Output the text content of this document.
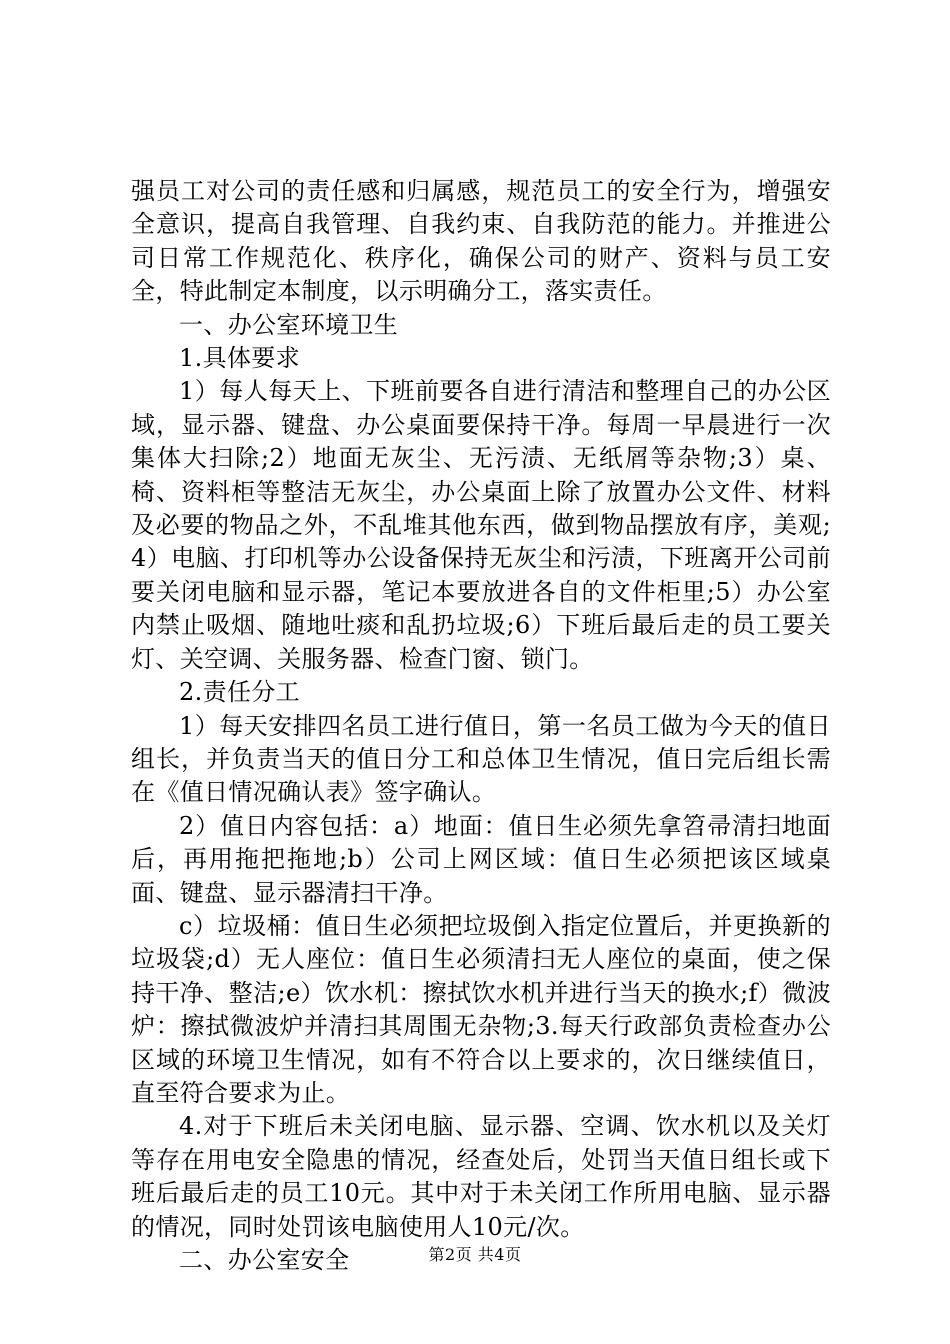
强员工对公司的责任感和归属感，规范员工的安全行为，增强安全意识，提高自我管理、自我约束、自我防范的能力。并推进公司日常工作规范化、秩序化，确保公司的财产、资料与员工安全，特此制定本制度，以示明确分工，落实责任。

一、办公室环境卫生

1.具体要求

1）每人每天上、下班前要各自进行清洁和整理自己的办公区域，显示器、键盘、办公桌面要保持干净。每周一早晨进行一次集体大扫除;2）地面无灰尘、无污渍、无纸屑等杂物;3）桌、椅、资料柜等整洁无灰尘，办公桌面上除了放置办公文件、材料及必要的物品之外，不乱堆其他东西，做到物品摆放有序，美观;4）电脑、打印机等办公设备保持无灰尘和污渍，下班离开公司前要关闭电脑和显示器，笔记本要放进各自的文件柜里;5）办公室内禁止吸烟、随地吐痰和乱扔垃圾;6）下班后最后走的员工要关灯、关空调、关服务器、检查门窗、锁门。

2.责任分工

1）每天安排四名员工进行值日，第一名员工做为今天的值日组长，并负责当天的值日分工和总体卫生情况，值日完后组长需在《值日情况确认表》签字确认。

2）值日内容包括：a）地面：值日生必须先拿笤帚清扫地面后，再用拖把拖地;b）公司上网区域：值日生必须把该区域桌面、键盘、显示器清扫干净。

c）垃圾桶：值日生必须把垃圾倒入指定位置后，并更换新的垃圾袋;d）无人座位：值日生必须清扫无人座位的桌面，使之保持干净、整洁;e）饮水机：擦拭饮水机并进行当天的换水;f）微波炉：擦拭微波炉并清扫其周围无杂物;3.每天行政部负责检查办公区域的环境卫生情况，如有不符合以上要求的，次日继续值日，直至符合要求为止。

4.对于下班后未关闭电脑、显示器、空调、饮水机以及关灯等存在用电安全隐患的情况，经查处后，处罚当天值日组长或下班后最后走的员工10元。其中对于未关闭工作所用电脑、显示器的情况，同时处罚该电脑使用人10元/次。

二、办公室安全	第2页 共4页
